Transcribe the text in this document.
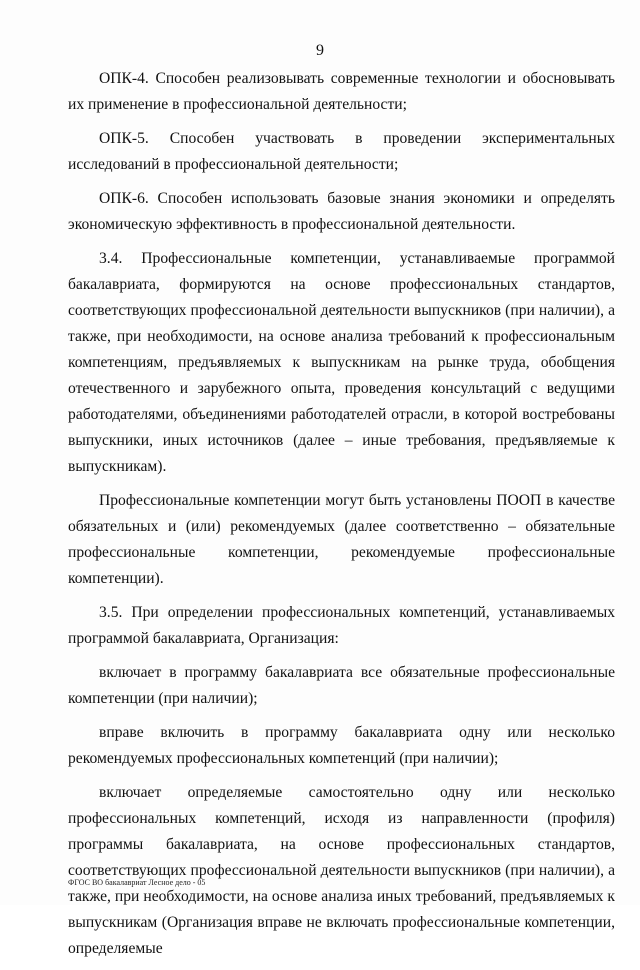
9

ОПК-4. Способен реализовывать современные технологии и обосновывать их применение в профессиональной деятельности;

ОПК-5. Способен участвовать в проведении экспериментальных исследований в профессиональной деятельности;

ОПК-6. Способен использовать базовые знания экономики и определять экономическую эффективность в профессиональной деятельности.

3.4. Профессиональные компетенции, устанавливаемые программой бакалавриата, формируются на основе профессиональных стандартов, соответствующих профессиональной деятельности выпускников (при наличии), а также, при необходимости, на основе анализа требований к профессиональным компетенциям, предъявляемых к выпускникам на рынке труда, обобщения отечественного и зарубежного опыта, проведения консультаций с ведущими работодателями, объединениями работодателей отрасли, в которой востребованы выпускники, иных источников (далее – иные требования, предъявляемые к выпускникам).

Профессиональные компетенции могут быть установлены ПООП в качестве обязательных и (или) рекомендуемых (далее соответственно – обязательные профессиональные компетенции, рекомендуемые профессиональные компетенции).

3.5. При определении профессиональных компетенций, устанавливаемых программой бакалавриата, Организация:

включает в программу бакалавриата все обязательные профессиональные компетенции (при наличии);

вправе включить в программу бакалавриата одну или несколько рекомендуемых профессиональных компетенций (при наличии);

включает определяемые самостоятельно одну или несколько профессиональных компетенций, исходя из направленности (профиля) программы бакалавриата, на основе профессиональных стандартов, соответствующих профессиональной деятельности выпускников (при наличии), а также, при необходимости, на основе анализа иных требований, предъявляемых к выпускникам (Организация вправе не включать профессиональные компетенции, определяемые

ФГОС ВО бакалавриат Лесное дело - 05
